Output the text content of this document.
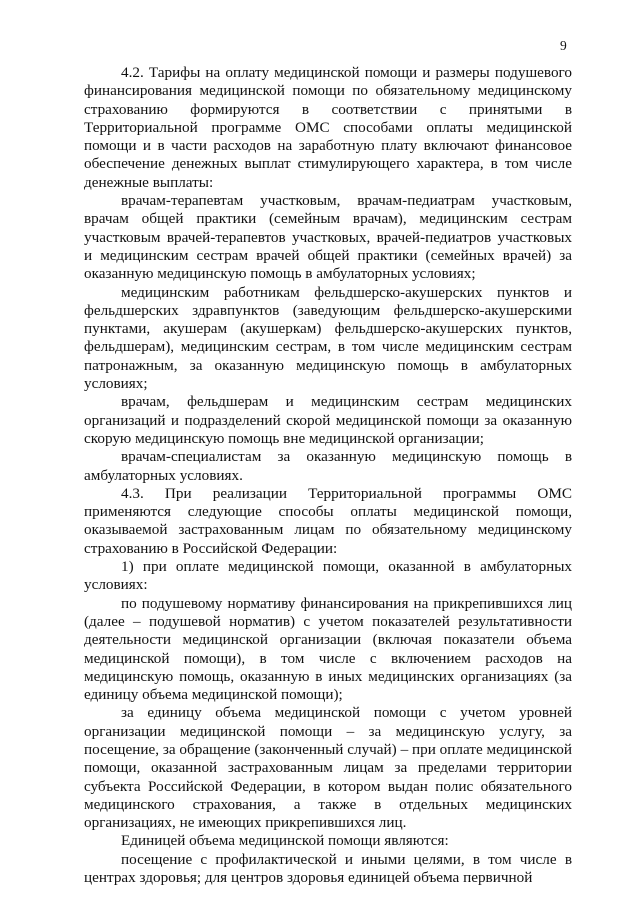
9

4.2. Тарифы на оплату медицинской помощи и размеры подушевого финансирования медицинской помощи по обязательному медицинскому страхованию формируются в соответствии с принятыми в Территориальной программе ОМС способами оплаты медицинской помощи и в части расходов на заработную плату включают финансовое обеспечение денежных выплат стимулирующего характера, в том числе денежные выплаты:

врачам-терапевтам участковым, врачам-педиатрам участковым, врачам общей практики (семейным врачам), медицинским сестрам участковым врачей-терапевтов участковых, врачей-педиатров участковых и медицинским сестрам врачей общей практики (семейных врачей) за оказанную медицинскую помощь в амбулаторных условиях;

медицинским работникам фельдшерско-акушерских пунктов и фельдшерских здравпунктов (заведующим фельдшерско-акушерскими пунктами, акушерам (акушеркам) фельдшерско-акушерских пунктов, фельдшерам), медицинским сестрам, в том числе медицинским сестрам патронажным, за оказанную медицинскую помощь в амбулаторных условиях;

врачам, фельдшерам и медицинским сестрам медицинских организаций и подразделений скорой медицинской помощи за оказанную скорую медицинскую помощь вне медицинской организации;

врачам-специалистам за оказанную медицинскую помощь в амбулаторных условиях.

4.3. При реализации Территориальной программы ОМС применяются следующие способы оплаты медицинской помощи, оказываемой застрахованным лицам по обязательному медицинскому страхованию в Российской Федерации:

1) при оплате медицинской помощи, оказанной в амбулаторных условиях:

по подушевому нормативу финансирования на прикрепившихся лиц (далее – подушевой норматив) с учетом показателей результативности деятельности медицинской организации (включая показатели объема медицинской помощи), в том числе с включением расходов на медицинскую помощь, оказанную в иных медицинских организациях (за единицу объема медицинской помощи);

за единицу объема медицинской помощи с учетом уровней организации медицинской помощи – за медицинскую услугу, за посещение, за обращение (законченный случай) – при оплате медицинской помощи, оказанной застрахованным лицам за пределами территории субъекта Российской Федерации, в котором выдан полис обязательного медицинского страхования, а также в отдельных медицинских организациях, не имеющих прикрепившихся лиц.

Единицей объема медицинской помощи являются:

посещение с профилактической и иными целями, в том числе в центрах здоровья; для центров здоровья единицей объема первичной
